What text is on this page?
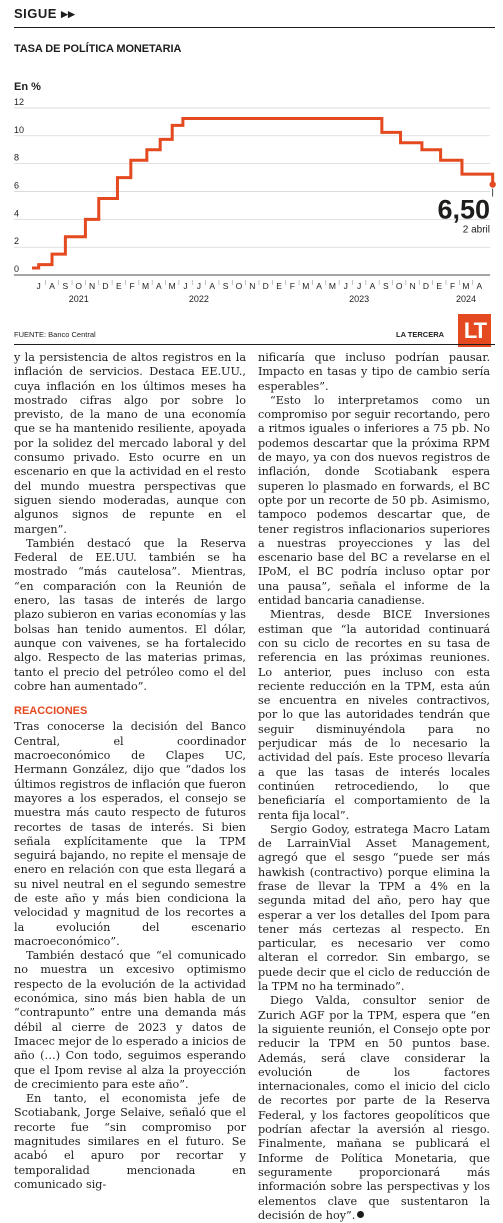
SIGUE ▸▸
TASA DE POLÍTICA MONETARIA
En %
0
2
4
6
8
10
12
J A S O N D E F M A M J J A S O N D E F M A M J J A S O N D E F M A
2021	2022	2023	2024
6,50
2 abril
FUENTE: Banco Central	LA TERCERA LT

y la persistencia de altos registros en la inflación de servicios. Destaca EE.UU., cuya inflación en los últimos meses ha mostrado cifras algo por sobre lo previsto, de la mano de una economía que se ha mantenido resiliente, apoyada por la solidez del mercado laboral y del consumo privado. Esto ocurre en un escenario en que la actividad en el resto del mundo muestra perspectivas que siguen siendo moderadas, aunque con algunos signos de repunte en el margen”.

También destacó que la Reserva Federal de EE.UU. también se ha mostrado “más cautelosa”. Mientras, “en comparación con la Reunión de enero, las tasas de interés de largo plazo subieron en varias economías y las bolsas han tenido aumentos. El dólar, aunque con vaivenes, se ha fortalecido algo. Respecto de las materias primas, tanto el precio del petróleo como el del cobre han aumentado”.

REACCIONES

Tras conocerse la decisión del Banco Central, el coordinador macroeconómico de Clapes UC, Hermann González, dijo que “dados los últimos registros de inflación que fueron mayores a los esperados, el consejo se muestra más cauto respecto de futuros recortes de tasas de interés. Si bien señala explícitamente que la TPM seguirá bajando, no repite el mensaje de enero en relación con que esta llegará a su nivel neutral en el segundo semestre de este año y más bien condiciona la velocidad y magnitud de los recortes a la evolución del escenario macroeconómico”.

También destacó que “el comunicado no muestra un excesivo optimismo respecto de la evolución de la actividad económica, sino más bien habla de un “contrapunto” entre una demanda más débil al cierre de 2023 y datos de Imacec mejor de lo esperado a inicios de año (…) Con todo, seguimos esperando que el Ipom revise al alza la proyección de crecimiento para este año”.

En tanto, el economista jefe de Scotiabank, Jorge Selaive, señaló que el recorte fue “sin compromiso por magnitudes similares en el futuro. Se acabó el apuro por recortar y temporalidad mencionada en comunicado sig-

nificaría que incluso podrían pausar. Impacto en tasas y tipo de cambio sería esperables”.

“Esto lo interpretamos como un compromiso por seguir recortando, pero a ritmos iguales o inferiores a 75 pb. No podemos descartar que la próxima RPM de mayo, ya con dos nuevos registros de inflación, donde Scotiabank espera superen lo plasmado en forwards, el BC opte por un recorte de 50 pb. Asimismo, tampoco podemos descartar que, de tener registros inflacionarios superiores a nuestras proyecciones y las del escenario base del BC a revelarse en el IPoM, el BC podría incluso optar por una pausa”, señala el informe de la entidad bancaria canadiense.

Mientras, desde BICE Inversiones estiman que “la autoridad continuará con su ciclo de recortes en su tasa de referencia en las próximas reuniones. Lo anterior, pues incluso con esta reciente reducción en la TPM, esta aún se encuentra en niveles contractivos, por lo que las autoridades tendrán que seguir disminuyéndola para no perjudicar más de lo necesario la actividad del país. Este proceso llevaría a que las tasas de interés locales continúen retrocediendo, lo que beneficiaría el comportamiento de la renta fija local”.

Sergio Godoy, estratega Macro Latam de LarrainVial Asset Management, agregó que el sesgo “puede ser más hawkish (contractivo) porque elimina la frase de llevar la TPM a 4% en la segunda mitad del año, pero hay que esperar a ver los detalles del Ipom para tener más certezas al respecto. En particular, es necesario ver como alteran el corredor. Sin embargo, se puede decir que el ciclo de reducción de la TPM no ha terminado”.

Diego Valda, consultor senior de Zurich AGF por la TPM, espera que “en la siguiente reunión, el Consejo opte por reducir la TPM en 50 puntos base. Además, será clave considerar la evolución de los factores internacionales, como el inicio del ciclo de recortes por parte de la Reserva Federal, y los factores geopolíticos que podrían afectar la aversión al riesgo. Finalmente, mañana se publicará el Informe de Política Monetaria, que seguramente proporcionará más información sobre las perspectivas y los elementos clave que sustentaron la decisión de hoy”.
